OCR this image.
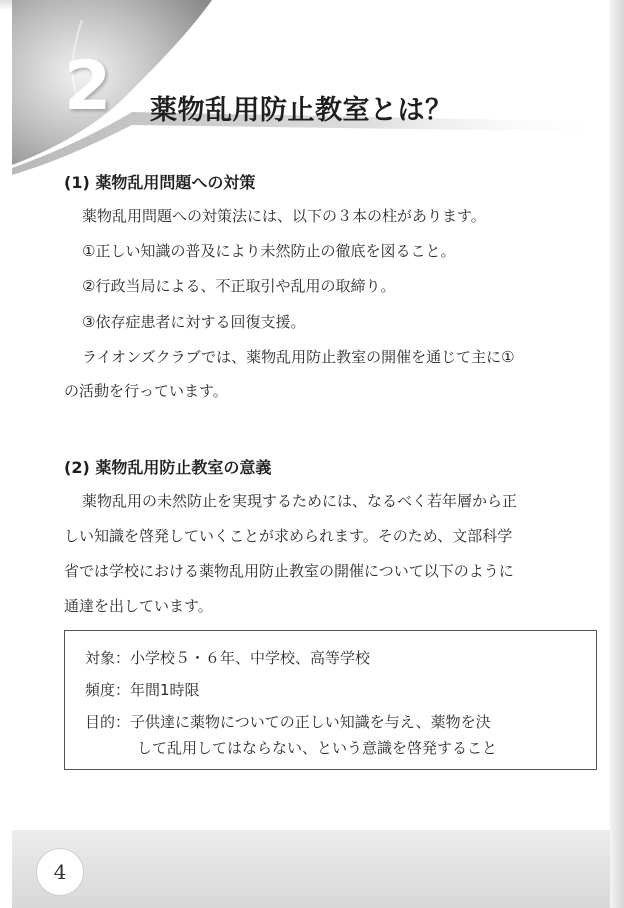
2	薬物乱用防止教室とは？
(1) 薬物乱用問題への対策
薬物乱用問題への対策法には、以下の３本の柱があります。
①正しい知識の普及により未然防止の徹底を図ること。
②行政当局による、不正取引や乱用の取締り。
③依存症患者に対する回復支援。
ライオンズクラブでは、薬物乱用防止教室の開催を通じて主に①
の活動を行っています。
(2) 薬物乱用防止教室の意義
薬物乱用の未然防止を実現するためには、なるべく若年層から正
しい知識を啓発していくことが求められます。そのため、文部科学
省では学校における薬物乱用防止教室の開催について以下のように
通達を出しています。
対象：小学校５・６年、中学校、高等学校
頻度：年間1時限
目的：子供達に薬物についての正しい知識を与え、薬物を決
して乱用してはならない、という意識を啓発すること
4
